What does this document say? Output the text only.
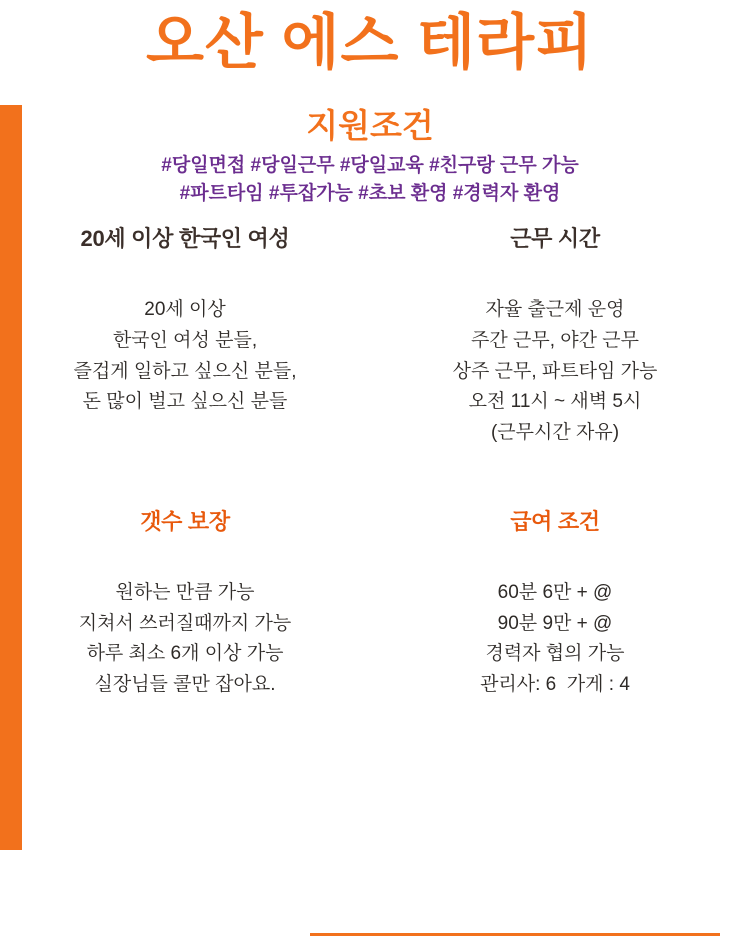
오산 에스 테라피
지원조건
#당일면접 #당일근무 #당일교육 #친구랑 근무 가능
#파트타임 #투잡가능 #초보 환영 #경력자 환영
20세 이상 한국인 여성
20세 이상
한국인 여성 분들,
즐겁게 일하고 싶으신 분들,
돈 많이 벌고 싶으신 분들
근무 시간
자율 출근제 운영
주간 근무, 야간 근무
상주 근무, 파트타임 가능
오전 11시 ~ 새벽 5시
(근무시간 자유)
갯수 보장
원하는 만큼 가능
지쳐서 쓰러질때까지 가능
하루 최소 6개 이상 가능
실장님들 콜만 잡아요.
급여 조건
60분 6만 + @
90분 9만 + @
경력자 협의 가능
관리사: 6  가게 : 4
